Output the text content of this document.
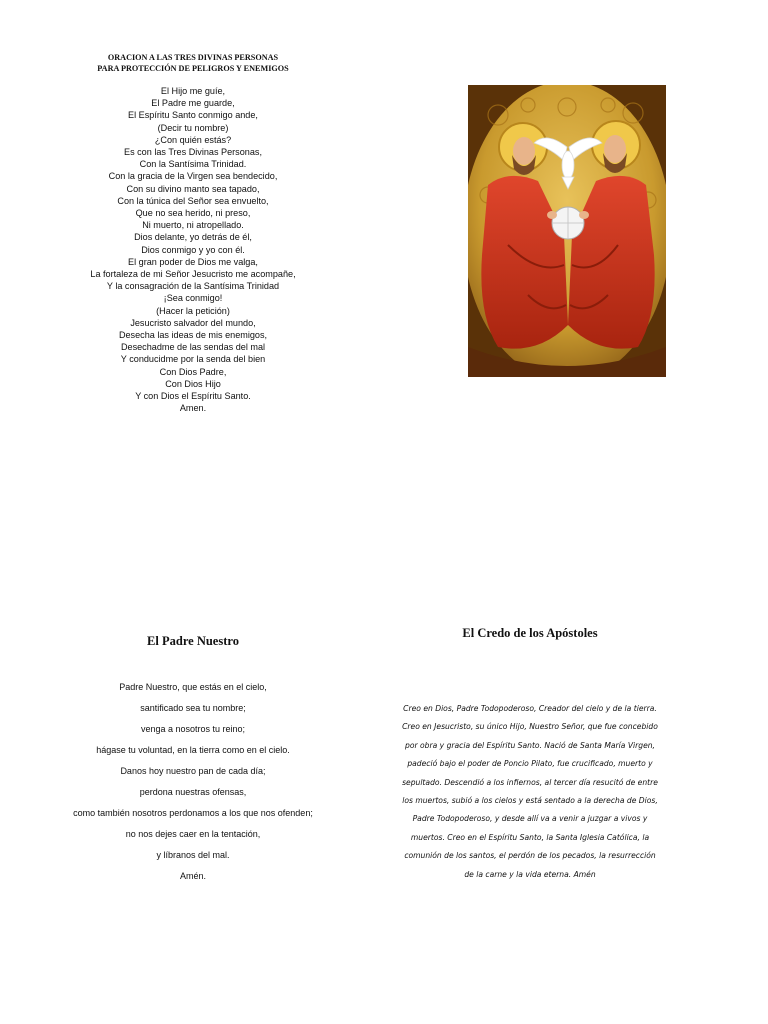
ORACION A LAS TRES DIVINAS PERSONAS
PARA PROTECCIÓN DE PELIGROS Y ENEMIGOS
El Hijo me guíe,
El Padre me guarde,
El Espíritu Santo conmigo ande,
(Decir tu nombre)
¿Con quién estás?
Es con las Tres Divinas Personas,
Con la Santísima Trinidad.
Con la gracia de la Virgen sea bendecido,
Con su divino manto sea tapado,
Con la túnica del Señor sea envuelto,
Que no sea herido, ni preso,
Ni muerto, ni atropellado.
Dios delante, yo detrás de él,
Dios conmigo y yo con él.
El gran poder de Dios me valga,
La fortaleza de mi Señor Jesucristo me acompañe,
Y la consagración de la Santísima Trinidad
¡Sea conmigo!
(Hacer la petición)
Jesucristo salvador del mundo,
Desecha las ideas de mis enemigos,
Desechadme de las sendas del mal
Y conducidme por la senda del bien
Con Dios Padre,
Con Dios Hijo
Y con Dios el Espíritu Santo.
Amen.
El Padre Nuestro
Padre Nuestro, que estás en el cielo,
santificado sea tu nombre;
venga a nosotros tu reino;
hágase tu voluntad, en la tierra como en el cielo.
Danos hoy nuestro pan de cada día;
perdona nuestras ofensas,
como también nosotros perdonamos a los que nos ofenden;
no nos dejes caer en la tentación,
y líbranos del mal.
Amén.
El Credo de los Apóstoles
Creo en Dios, Padre Todopoderoso, Creador del cielo y de la tierra.
Creo en Jesucristo, su único Hijo, Nuestro Señor, que fue concebido
por obra y gracia del Espíritu Santo. Nació de Santa María Virgen,
padeció bajo el poder de Poncio Pilato, fue crucificado, muerto y
sepultado. Descendió a los infiernos, al tercer día resucitó de entre
los muertos, subió a los cielos y está sentado a la derecha de Dios,
Padre Todopoderoso, y desde allí va a venir a juzgar a vivos y
muertos. Creo en el Espíritu Santo, la Santa Iglesia Católica, la
comunión de los santos, el perdón de los pecados, la resurrección
de la carne y la vida eterna. Amén
